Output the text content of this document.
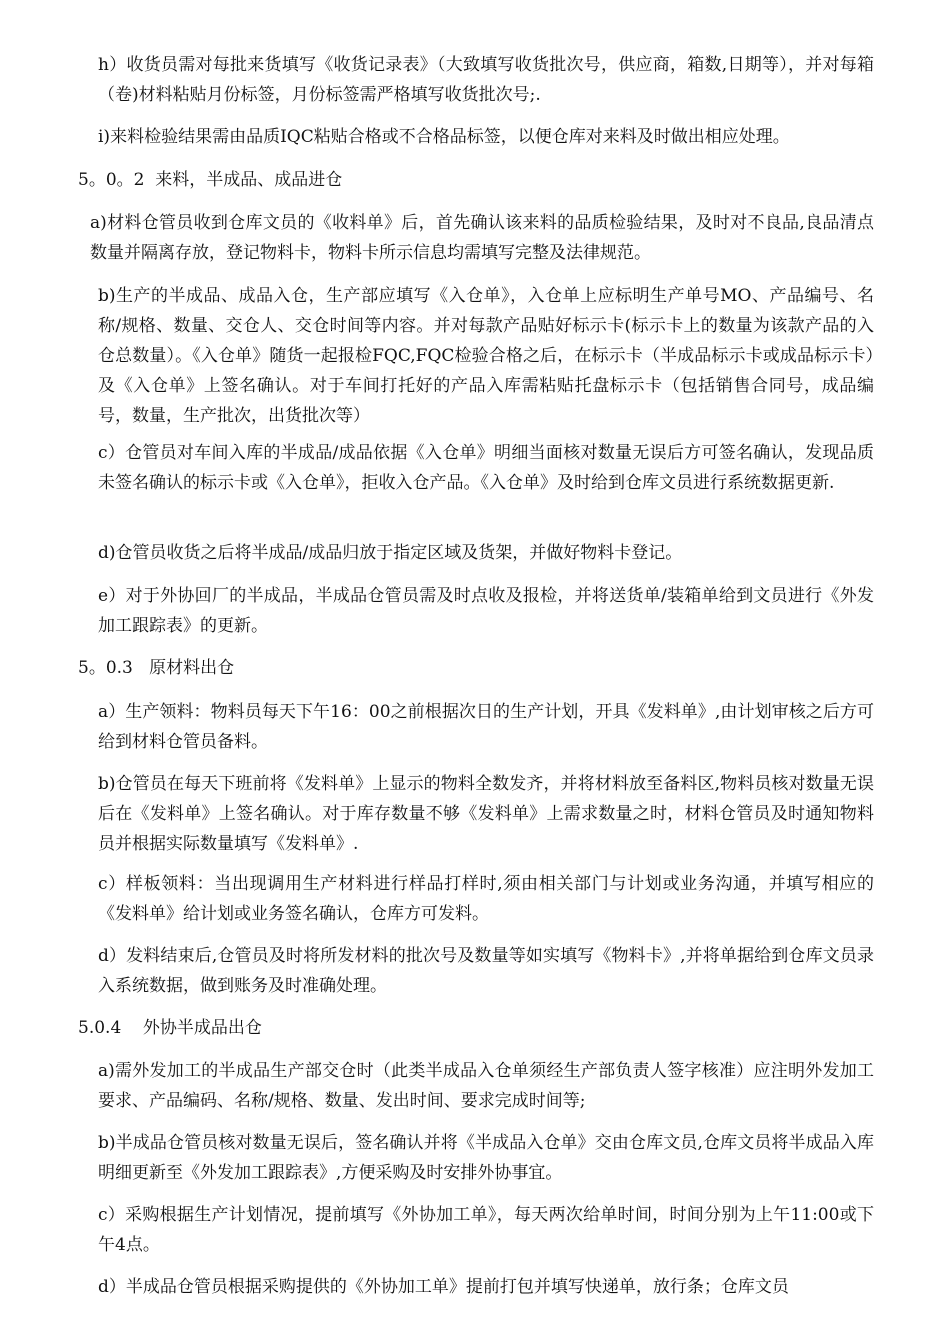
h）收货员需对每批来货填写《收货记录表》（大致填写收货批次号，供应商，箱数,日期等），并对每箱（卷)材料粘贴月份标签，月份标签需严格填写收货批次号;.

i)来料检验结果需由品质IQC粘贴合格或不合格品标签，以便仓库对来料及时做出相应处理。

5。0。2  来料，半成品、成品进仓

a)材料仓管员收到仓库文员的《收料单》后，首先确认该来料的品质检验结果，及时对不良品,良品清点数量并隔离存放，登记物料卡，物料卡所示信息均需填写完整及法律规范。

b)生产的半成品、成品入仓，生产部应填写《入仓单》，入仓单上应标明生产单号MO、产品编号、名称/规格、数量、交仓人、交仓时间等内容。并对每款产品贴好标示卡(标示卡上的数量为该款产品的入仓总数量）。《入仓单》随货一起报检FQC,FQC检验合格之后，在标示卡（半成品标示卡或成品标示卡）及《入仓单》上签名确认。对于车间打托好的产品入库需粘贴托盘标示卡（包括销售合同号，成品编号，数量，生产批次，出货批次等）

c）仓管员对车间入库的半成品/成品依据《入仓单》明细当面核对数量无误后方可签名确认，发现品质未签名确认的标示卡或《入仓单》，拒收入仓产品。《入仓单》及时给到仓库文员进行系统数据更新.

d)仓管员收货之后将半成品/成品归放于指定区域及货架，并做好物料卡登记。

e）对于外协回厂的半成品，半成品仓管员需及时点收及报检，并将送货单/装箱单给到文员进行《外发加工跟踪表》的更新。

5。0.3   原材料出仓

a）生产领料：物料员每天下午16：00之前根据次日的生产计划，开具《发料单》,由计划审核之后方可给到材料仓管员备料。

b)仓管员在每天下班前将《发料单》上显示的物料全数发齐，并将材料放至备料区,物料员核对数量无误后在《发料单》上签名确认。对于库存数量不够《发料单》上需求数量之时，材料仓管员及时通知物料员并根据实际数量填写《发料单》.

c）样板领料：当出现调用生产材料进行样品打样时,须由相关部门与计划或业务沟通，并填写相应的《发料单》给计划或业务签名确认，仓库方可发料。

d）发料结束后,仓管员及时将所发材料的批次号及数量等如实填写《物料卡》,并将单据给到仓库文员录入系统数据，做到账务及时准确处理。

5.0.4    外协半成品出仓

a)需外发加工的半成品生产部交仓时（此类半成品入仓单须经生产部负责人签字核准）应注明外发加工要求、产品编码、名称/规格、数量、发出时间、要求完成时间等;

b)半成品仓管员核对数量无误后，签名确认并将《半成品入仓单》交由仓库文员,仓库文员将半成品入库明细更新至《外发加工跟踪表》,方便采购及时安排外协事宜。

c）采购根据生产计划情况，提前填写《外协加工单》，每天两次给单时间，时间分别为上午11:00或下午4点。

d）半成品仓管员根据采购提供的《外协加工单》提前打包并填写快递单，放行条；仓库文员
